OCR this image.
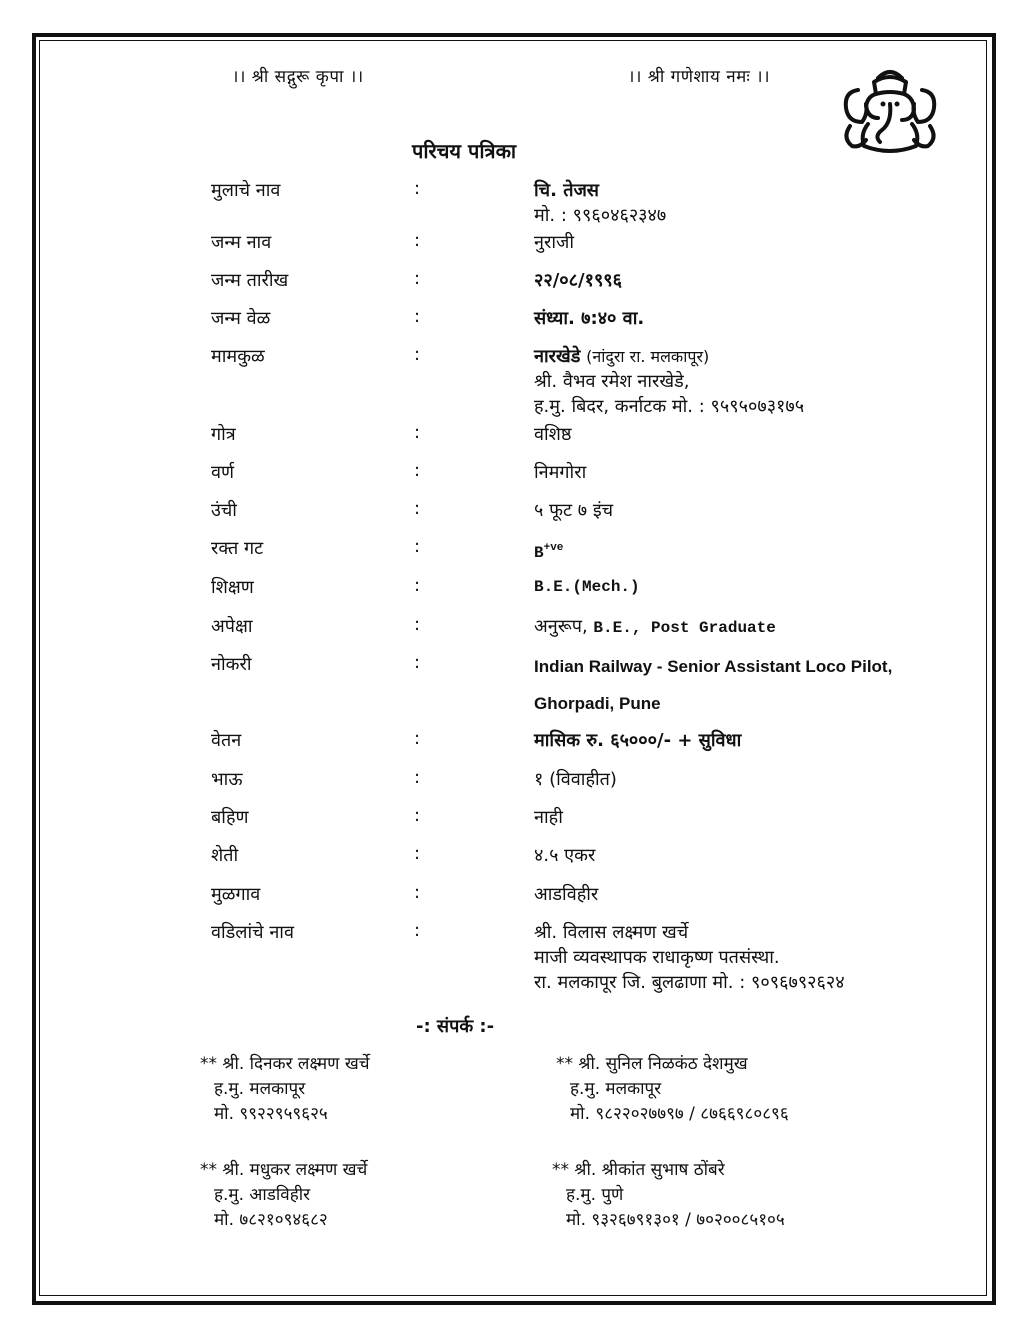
।। श्री सद्गुरू कृपा ।।	।। श्री गणेशाय नमः ।।
परिचय पत्रिका
मुलाचे नाव	:	चि. तेजस
मो. : ९९६०४६२३४७
जन्म नाव	:	नुराजी
जन्म तारीख	:	२२/०८/१९९६
जन्म वेळ	:	संध्या. ७:४० वा.
मामकुळ	:	नारखेडे (नांदुरा रा. मलकापूर)
श्री. वैभव रमेश नारखेडे,
ह.मु. बिदर, कर्नाटक मो. : ९५९५०७३१७५
गोत्र	:	वशिष्ठ
वर्ण	:	निमगोरा
उंची	:	५ फूट ७ इंच
रक्त गट	:	$B^{+ve}$
शिक्षण	:	B.E.(Mech.)
अपेक्षा	:	अनुरूप, B.E., Post Graduate
नोकरी	:	Indian Railway - Senior Assistant Loco Pilot,
Ghorpadi, Pune
वेतन	:	मासिक रु. ६५०००/- + सुविधा
भाऊ	:	१ (विवाहीत)
बहिण	:	नाही
शेती	:	४.५ एकर
मुळगाव	:	आडविहीर
वडिलांचे नाव	:	श्री. विलास लक्ष्मण खर्चे
माजी व्यवस्थापक राधाकृष्ण पतसंस्था.
रा. मलकापूर जि. बुलढाणा मो. : ९०९६७९२६२४
-: संपर्क :-
** श्री. दिनकर लक्ष्मण खर्चे
ह.मु. मलकापूर
मो. ९९२२९५९६२५
** श्री. सुनिल निळकंठ देशमुख
ह.मु. मलकापूर
मो. ९८२२०२७७९७ / ८७६६९८०८९६
** श्री. मधुकर लक्ष्मण खर्चे
ह.मु. आडविहीर
मो. ७८२१०९४६८२
** श्री. श्रीकांत सुभाष ठोंबरे
ह.मु. पुणे
मो. ९३२६७९१३०१ / ७०२००८५१०५
